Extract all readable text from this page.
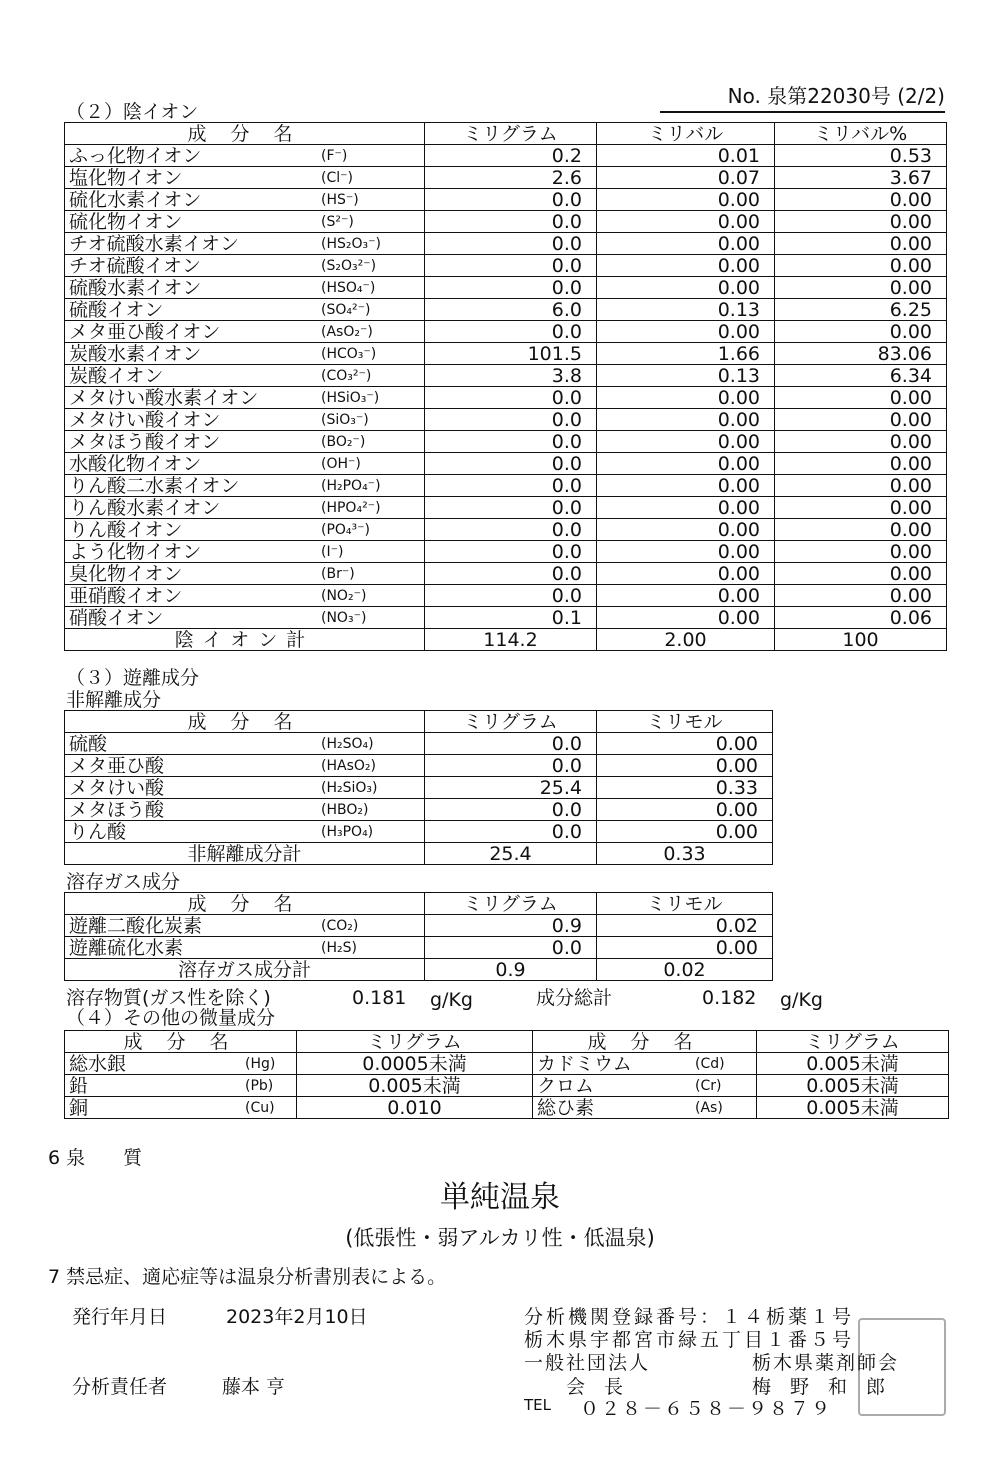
No. 泉第22030号 (2/2)
（２）陰イオン
成 分 名	ミリグラム	ミリバル	ミリバル%
ふっ化物イオン (F⁻)	0.2	0.01	0.53
塩化物イオン (Cl⁻)	2.6	0.07	3.67
硫化水素イオン (HS⁻)	0.0	0.00	0.00
硫化物イオン (S²⁻)	0.0	0.00	0.00
チオ硫酸水素イオン (HS₂O₃⁻)	0.0	0.00	0.00
チオ硫酸イオン (S₂O₃²⁻)	0.0	0.00	0.00
硫酸水素イオン (HSO₄⁻)	0.0	0.00	0.00
硫酸イオン (SO₄²⁻)	6.0	0.13	6.25
メタ亜ひ酸イオン (AsO₂⁻)	0.0	0.00	0.00
炭酸水素イオン (HCO₃⁻)	101.5	1.66	83.06
炭酸イオン (CO₃²⁻)	3.8	0.13	6.34
メタけい酸水素イオン (HSiO₃⁻)	0.0	0.00	0.00
メタけい酸イオン (SiO₃⁻)	0.0	0.00	0.00
メタほう酸イオン (BO₂⁻)	0.0	0.00	0.00
水酸化物イオン (OH⁻)	0.0	0.00	0.00
りん酸二水素イオン (H₂PO₄⁻)	0.0	0.00	0.00
りん酸水素イオン (HPO₄²⁻)	0.0	0.00	0.00
りん酸イオン (PO₄³⁻)	0.0	0.00	0.00
よう化物イオン (I⁻)	0.0	0.00	0.00
臭化物イオン (Br⁻)	0.0	0.00	0.00
亜硝酸イオン (NO₂⁻)	0.0	0.00	0.00
硝酸イオン (NO₃⁻)	0.1	0.00	0.06
陰イオン計	114.2	2.00	100
（３）遊離成分
非解離成分
成 分 名	ミリグラム	ミリモル
硫酸 (H₂SO₄)	0.0	0.00
メタ亜ひ酸 (HAsO₂)	0.0	0.00
メタけい酸 (H₂SiO₃)	25.4	0.33
メタほう酸 (HBO₂)	0.0	0.00
りん酸 (H₃PO₄)	0.0	0.00
非解離成分計	25.4	0.33
溶存ガス成分
成 分 名	ミリグラム	ミリモル
遊離二酸化炭素 (CO₂)	0.9	0.02
遊離硫化水素 (H₂S)	0.0	0.00
溶存ガス成分計	0.9	0.02
溶存物質(ガス性を除く)	0.181 g/Kg	成分総計	0.182 g/Kg
（４）その他の微量成分
成 分 名	ミリグラム	成 分 名	ミリグラム
総水銀 (Hg)	0.0005未満	カドミウム (Cd)	0.005未満
鉛 (Pb)	0.005未満	クロム (Cr)	0.005未満
銅 (Cu)	0.010	総ひ素 (As)	0.005未満
6 泉　　質
単純温泉
(低張性・弱アルカリ性・低温泉)
7 禁忌症、適応症等は温泉分析書別表による。
発行年月日	2023年2月10日
分析責任者	藤本 亨
分析機関登録番号：１４栃薬１号
栃木県宇都宮市緑五丁目１番５号
一般社団法人	栃木県薬剤師会
会　長	梅　野　和　郎
TEL ０２８－６５８－９８７９
